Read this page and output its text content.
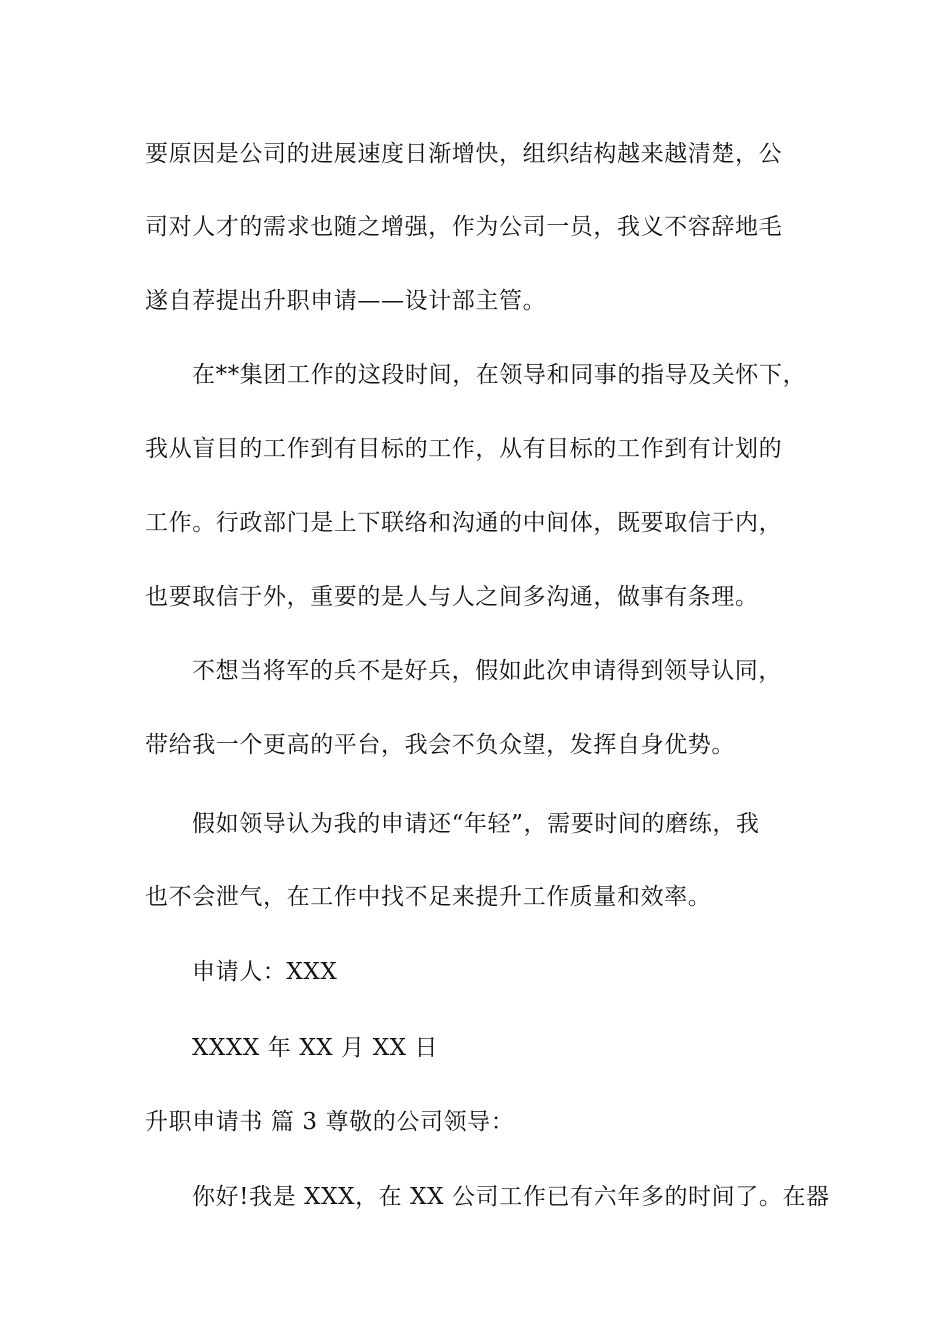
要原因是公司的进展速度日渐增快，组织结构越来越清楚，公
司对人才的需求也随之增强，作为公司一员，我义不容辞地毛
遂自荐提出升职申请——设计部主管。
在**集团工作的这段时间，在领导和同事的指导及关怀下，
我从盲目的工作到有目标的工作，从有目标的工作到有计划的
工作。行政部门是上下联络和沟通的中间体，既要取信于内，
也要取信于外，重要的是人与人之间多沟通，做事有条理。
不想当将军的兵不是好兵，假如此次申请得到领导认同，
带给我一个更高的平台，我会不负众望，发挥自身优势。
假如领导认为我的申请还“年轻”，需要时间的磨练，我
也不会泄气，在工作中找不足来提升工作质量和效率。
申请人：XXX
XXXX 年 XX 月 XX 日
升职申请书 篇 3 尊敬的公司领导：
你好!我是 XXX，在 XX 公司工作已有六年多的时间了。在器
